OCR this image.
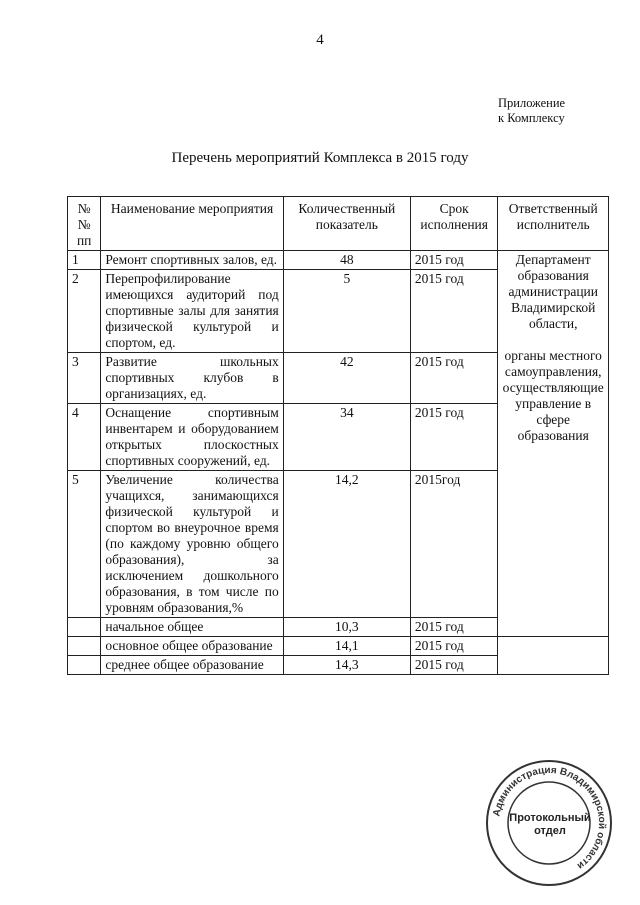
4
Приложение
к Комплексу
Перечень мероприятий Комплекса в 2015 году
№№ пп	Наименование мероприятия	Количественный показатель	Срок исполнения	Ответственный исполнитель
1	Ремонт спортивных залов, ед.	48	2015 год	Департамент образования администрации Владимирской области,
органы местного самоуправления, осуществляющие управление в сфере образования

2	Перепрофилирование имеющихся аудиторий под спортивные залы для занятия физической культурой и спортом, ед.	5	2015 год	
3	Развитие школьных спортивных клубов в организациях, ед.	42	2015 год	
4	Оснащение спортивным инвентарем и оборудованием открытых плоскостных спортивных сооружений, ед.	34	2015 год	
5	Увеличение количества учащихся, занимающихся физической культурой и спортом во внеурочное время (по каждому уровню общего образования), за исключением дошкольного образования, в том числе по уровням образования,%	14,2	2015год	
	начальное общее	10,3	2015 год	
	основное общее образование	14,1	2015 год	
	среднее общее образование	14,3	2015 год	
Администрация Владимирской области
Протокольный отдел
